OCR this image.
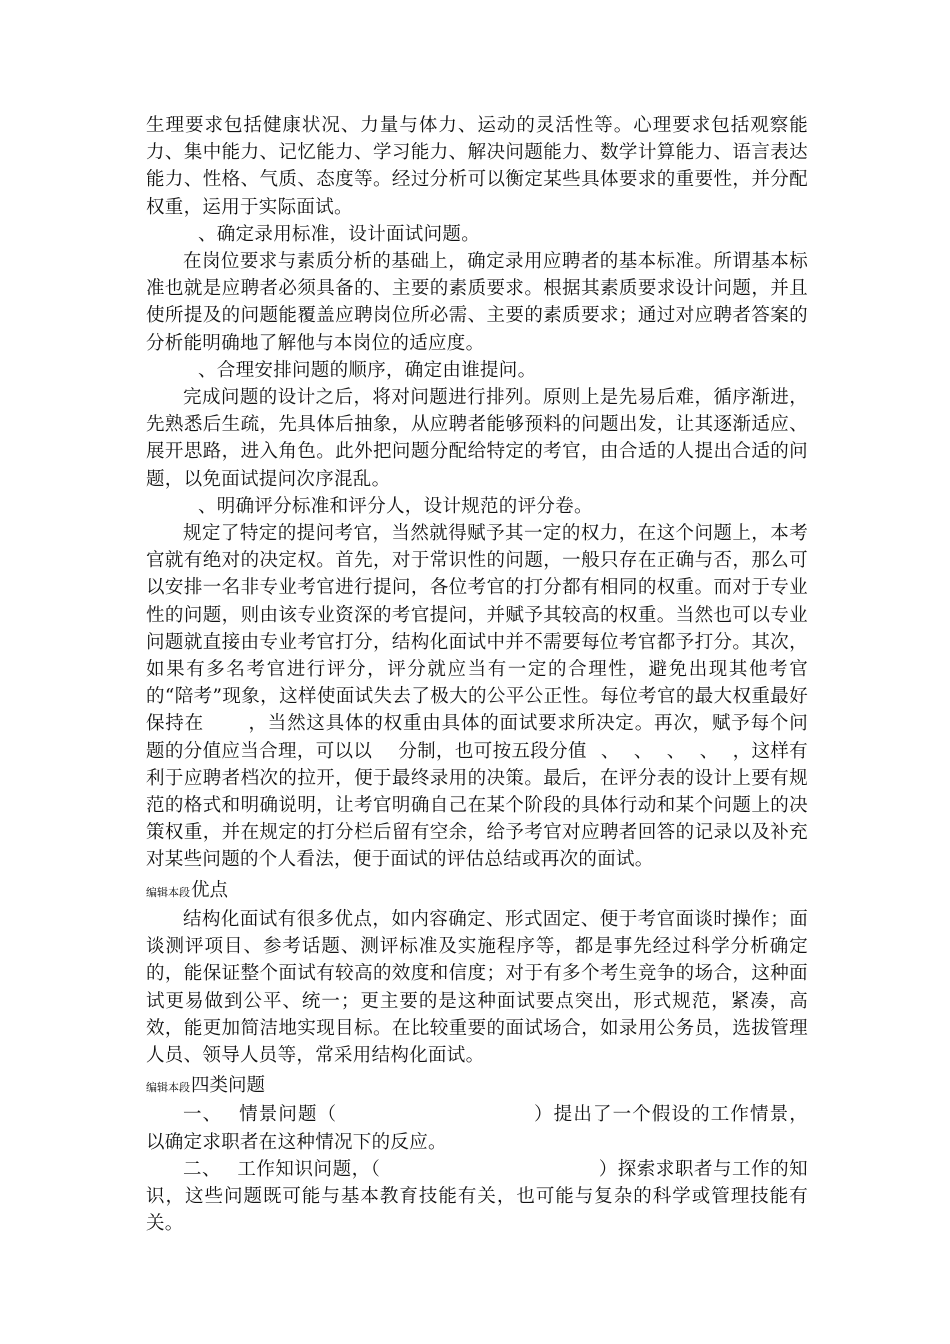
生理要求包括健康状况、力量与体力、运动的灵活性等。心理要求包括观察能力、集中能力、记忆能力、学习能力、解决问题能力、数学计算能力、语言表达能力、性格、气质、态度等。经过分析可以衡定某些具体要求的重要性，并分配权重，运用于实际面试。

、确定录用标准，设计面试问题。

在岗位要求与素质分析的基础上，确定录用应聘者的基本标准。所谓基本标准也就是应聘者必须具备的、主要的素质要求。根据其素质要求设计问题，并且使所提及的问题能覆盖应聘岗位所必需、主要的素质要求；通过对应聘者答案的分析能明确地了解他与本岗位的适应度。

、合理安排问题的顺序，确定由谁提问。

完成问题的设计之后，将对问题进行排列。原则上是先易后难，循序渐进，先熟悉后生疏，先具体后抽象，从应聘者能够预料的问题出发，让其逐渐适应、展开思路，进入角色。此外把问题分配给特定的考官，由合适的人提出合适的问题，以免面试提问次序混乱。

、明确评分标准和评分人，设计规范的评分卷。

规定了特定的提问考官，当然就得赋予其一定的权力，在这个问题上，本考官就有绝对的决定权。首先，对于常识性的问题，一般只存在正确与否，那么可以安排一名非专业考官进行提问，各位考官的打分都有相同的权重。而对于专业性的问题，则由该专业资深的考官提问，并赋予其较高的权重。当然也可以专业问题就直接由专业考官打分，结构化面试中并不需要每位考官都予打分。其次，如果有多名考官进行评分，评分就应当有一定的合理性，避免出现其他考官的“陪考”现象，这样使面试失去了极大的公平公正性。每位考官的最大权重最好保持在 ，当然这具体的权重由具体的面试要求所决定。再次，赋予每个问题的分值应当合理，可以以 分制，也可按五段分值 、 、 、 、 ，这样有利于应聘者档次的拉开，便于最终录用的决策。最后，在评分表的设计上要有规范的格式和明确说明，让考官明确自己在某个阶段的具体行动和某个问题上的决策权重，并在规定的打分栏后留有空余，给予考官对应聘者回答的记录以及补充对某些问题的个人看法，便于面试的评估总结或再次的面试。

编辑本段优点

结构化面试有很多优点，如内容确定、形式固定、便于考官面谈时操作；面谈测评项目、参考话题、测评标准及实施程序等，都是事先经过科学分析确定的，能保证整个面试有较高的效度和信度；对于有多个考生竞争的场合，这种面试更易做到公平、统一；更主要的是这种面试要点突出，形式规范，紧凑，高效，能更加简洁地实现目标。在比较重要的面试场合，如录用公务员，选拔管理人员、领导人员等，常采用结构化面试。

编辑本段四类问题

一、 情景问题（	）提出了一个假设的工作情景，以确定求职者在这种情况下的反应。

二、 工作知识问题，（	）探索求职者与工作的知识，这些问题既可能与基本教育技能有关，也可能与复杂的科学或管理技能有关。
